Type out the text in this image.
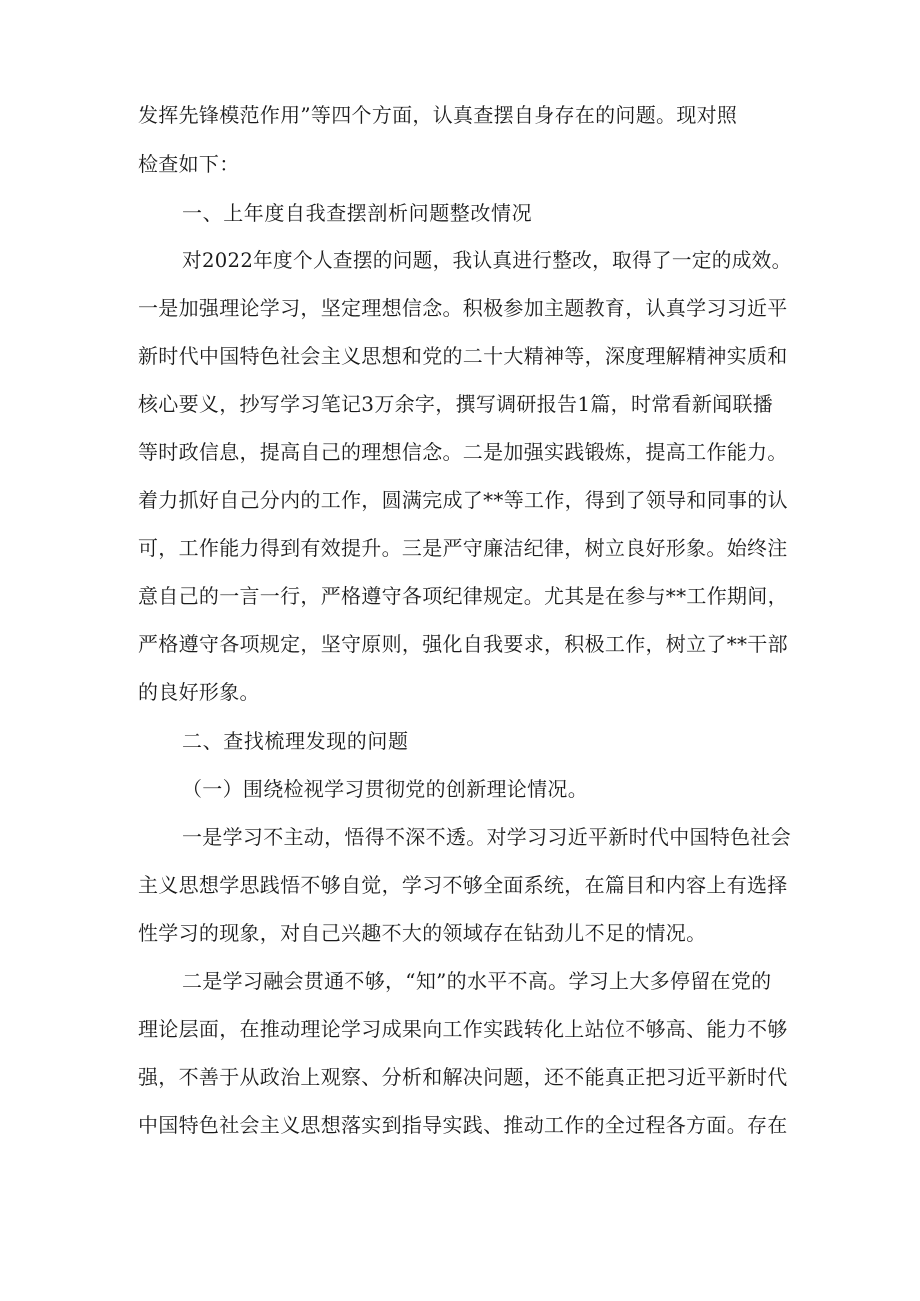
发挥先锋模范作用”等四个方面，认真查摆自身存在的问题。现对照
检查如下：
一、上年度自我查摆剖析问题整改情况
对2022年度个人查摆的问题，我认真进行整改，取得了一定的成效。
一是加强理论学习，坚定理想信念。积极参加主题教育，认真学习习近平
新时代中国特色社会主义思想和党的二十大精神等，深度理解精神实质和
核心要义，抄写学习笔记3万余字，撰写调研报告1篇，时常看新闻联播
等时政信息，提高自己的理想信念。二是加强实践锻炼，提高工作能力。
着力抓好自己分内的工作，圆满完成了**等工作，得到了领导和同事的认
可，工作能力得到有效提升。三是严守廉洁纪律，树立良好形象。始终注
意自己的一言一行，严格遵守各项纪律规定。尤其是在参与**工作期间，
严格遵守各项规定，坚守原则，强化自我要求，积极工作，树立了**干部
的良好形象。
二、查找梳理发现的问题
（一）围绕检视学习贯彻党的创新理论情况。
一是学习不主动，悟得不深不透。对学习习近平新时代中国特色社会
主义思想学思践悟不够自觉，学习不够全面系统，在篇目和内容上有选择
性学习的现象，对自己兴趣不大的领域存在钻劲儿不足的情况。
二是学习融会贯通不够，“知”的水平不高。学习上大多停留在党的
理论层面，在推动理论学习成果向工作实践转化上站位不够高、能力不够
强，不善于从政治上观察、分析和解决问题，还不能真正把习近平新时代
中国特色社会主义思想落实到指导实践、推动工作的全过程各方面。存在
